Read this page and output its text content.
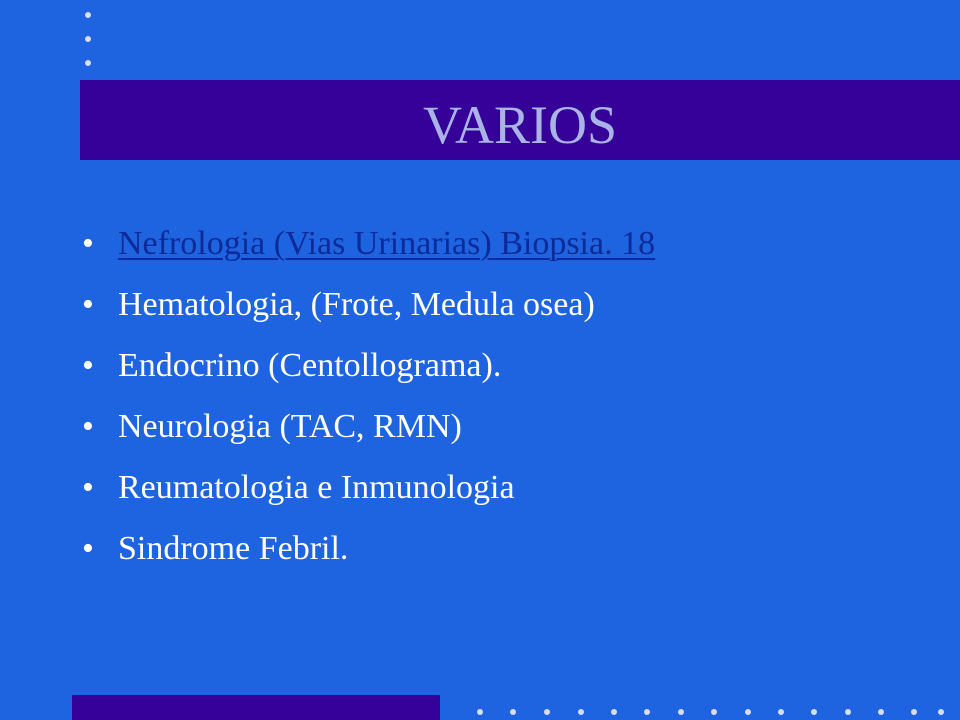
VARIOS
• Nefrologia (Vias Urinarias) Biopsia. 18
• Hematologia, (Frote, Medula osea)
• Endocrino (Centollograma).
• Neurologia (TAC, RMN)
• Reumatologia e Inmunologia
• Sindrome Febril.
